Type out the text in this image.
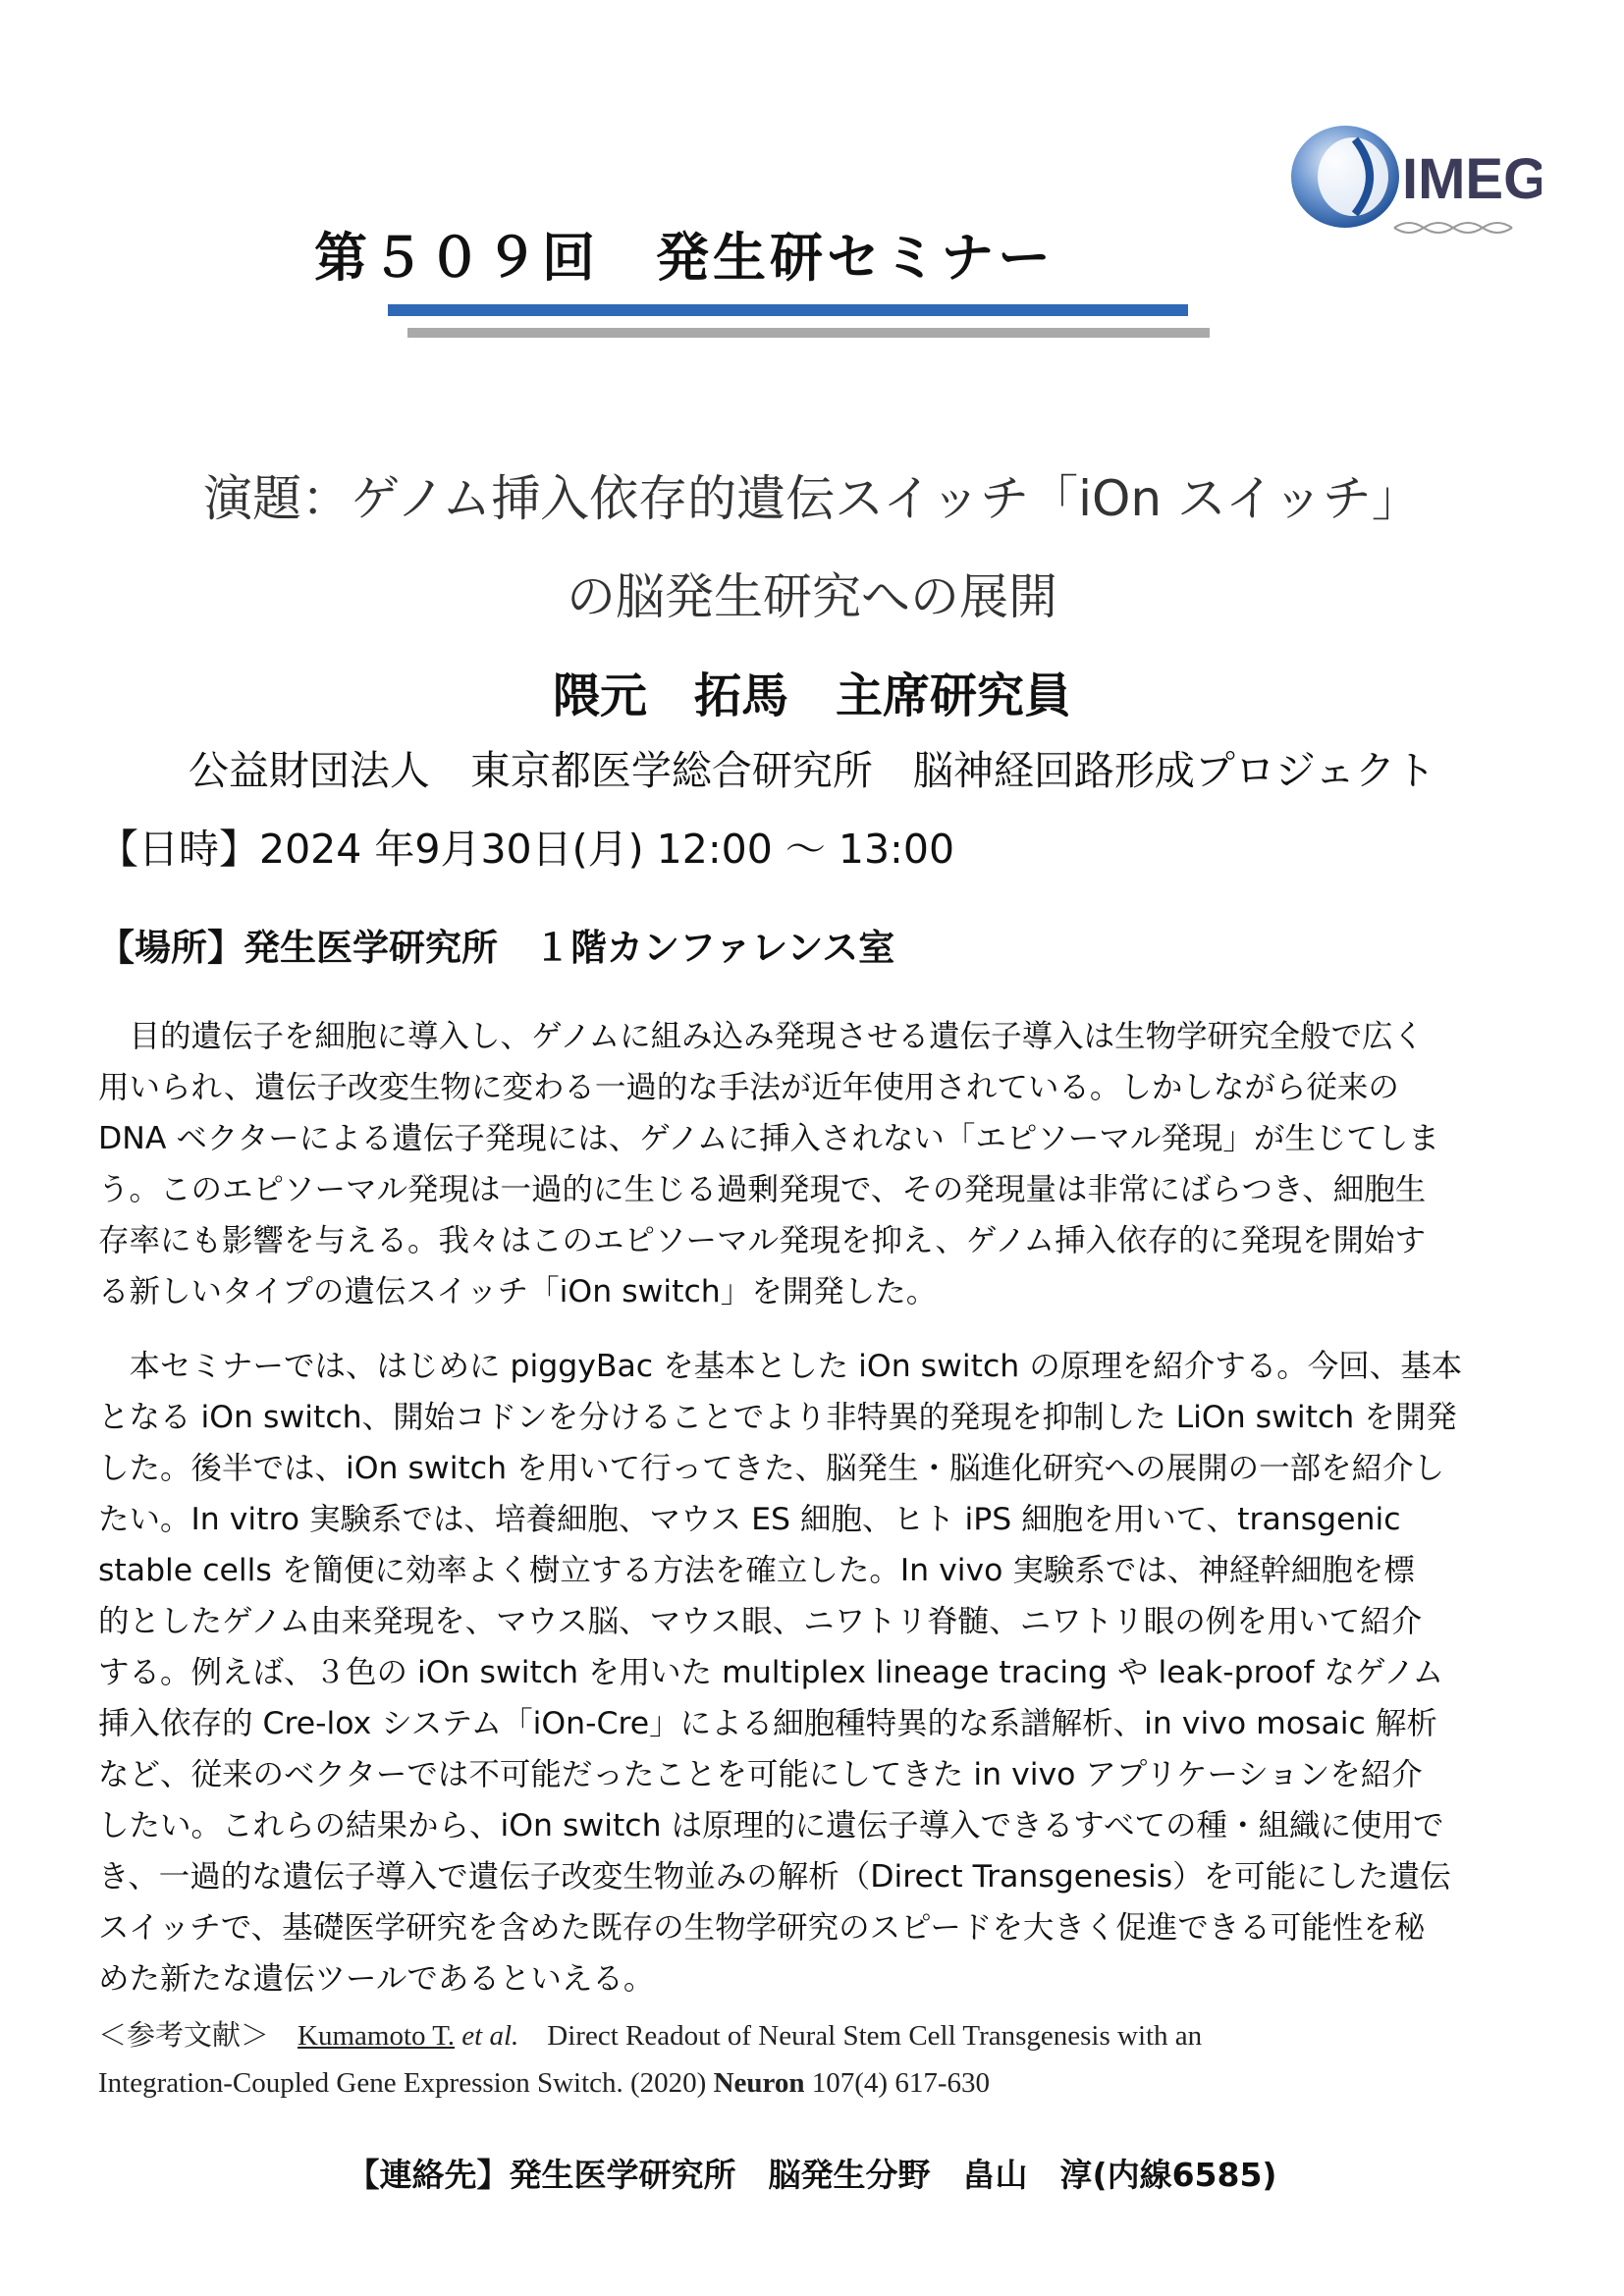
IMEG
第５０９回　発生研セミナー
演題：ゲノム挿入依存的遺伝スイッチ「iOn スイッチ」
の脳発生研究への展開
隈元　拓馬　主席研究員
公益財団法人　東京都医学総合研究所　脳神経回路形成プロジェクト
【日時】2024 年9月30日(月) 12:00 ～ 13:00
【場所】発生医学研究所　１階カンファレンス室
　目的遺伝子を細胞に導入し、ゲノムに組み込み発現させる遺伝子導入は生物学研究全般で広く
用いられ、遺伝子改変生物に変わる一過的な手法が近年使用されている。しかしながら従来の
DNA ベクターによる遺伝子発現には、ゲノムに挿入されない「エピソーマル発現」が生じてしま
う。このエピソーマル発現は一過的に生じる過剰発現で、その発現量は非常にばらつき、細胞生
存率にも影響を与える。我々はこのエピソーマル発現を抑え、ゲノム挿入依存的に発現を開始す
る新しいタイプの遺伝スイッチ「iOn switch」を開発した。
　本セミナーでは、はじめに piggyBac を基本とした iOn switch の原理を紹介する。今回、基本
となる iOn switch、開始コドンを分けることでより非特異的発現を抑制した LiOn switch を開発
した。後半では、iOn switch を用いて行ってきた、脳発生・脳進化研究への展開の一部を紹介し
たい。In vitro 実験系では、培養細胞、マウス ES 細胞、ヒト iPS 細胞を用いて、transgenic
stable cells を簡便に効率よく樹立する方法を確立した。In vivo 実験系では、神経幹細胞を標
的としたゲノム由来発現を、マウス脳、マウス眼、ニワトリ脊髄、ニワトリ眼の例を用いて紹介
する。例えば、３色の iOn switch を用いた multiplex lineage tracing や leak-proof なゲノム
挿入依存的 Cre-lox システム「iOn-Cre」による細胞種特異的な系譜解析、in vivo mosaic 解析
など、従来のベクターでは不可能だったことを可能にしてきた in vivo アプリケーションを紹介
したい。これらの結果から、iOn switch は原理的に遺伝子導入できるすべての種・組織に使用で
き、一過的な遺伝子導入で遺伝子改変生物並みの解析（Direct Transgenesis）を可能にした遺伝
スイッチで、基礎医学研究を含めた既存の生物学研究のスピードを大きく促進できる可能性を秘
めた新たな遺伝ツールであるといえる。
＜参考文献＞ Kumamoto T. et al. Direct Readout of Neural Stem Cell Transgenesis with an
Integration-Coupled Gene Expression Switch. (2020) Neuron 107(4) 617-630
【連絡先】発生医学研究所　脳発生分野　畠山　淳(内線6585)
